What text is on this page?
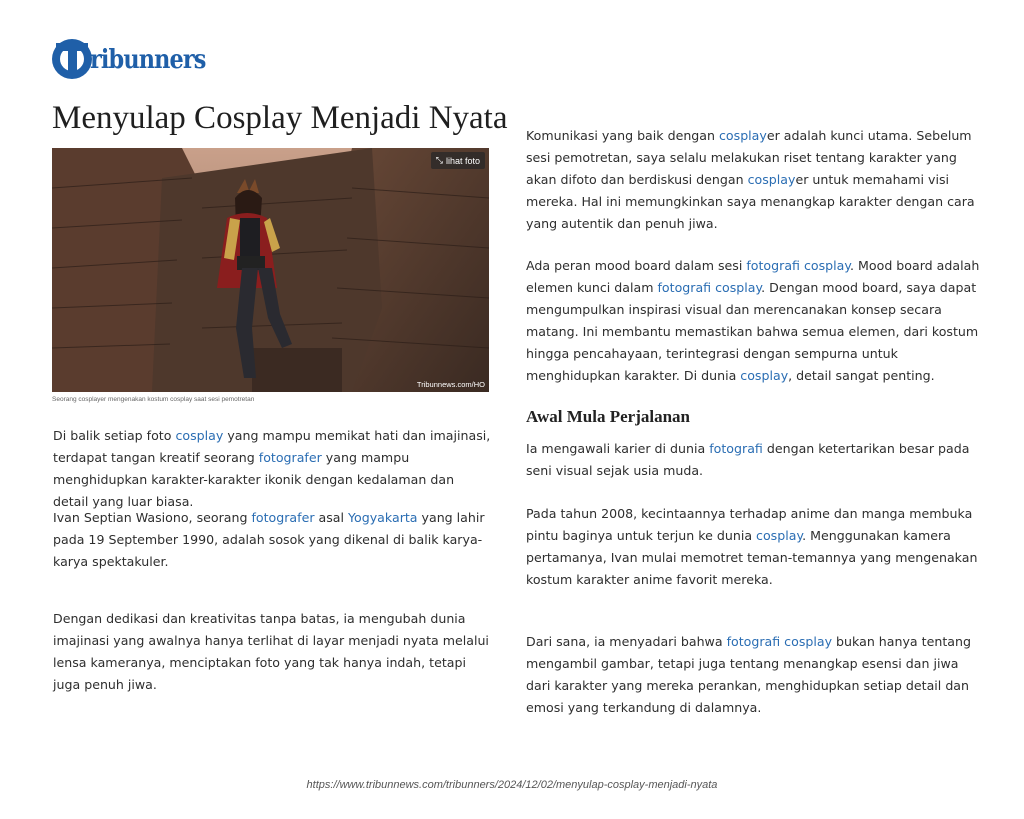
ribunners
Menyulap Cosplay Menjadi Nyata
⤡ lihat foto
Tribunnews.com/HO
Seorang cosplayer mengenakan kostum cosplay saat sesi pemotretan

Di balik setiap foto cosplay yang mampu memikat hati dan imajinasi, terdapat tangan kreatif seorang fotografer yang mampu menghidupkan karakter-karakter ikonik dengan kedalaman dan detail yang luar biasa.

Ivan Septian Wasiono, seorang fotografer asal Yogyakarta yang lahir pada 19 September 1990, adalah sosok yang dikenal di balik karya-karya spektakuler.

Dengan dedikasi dan kreativitas tanpa batas, ia mengubah dunia imajinasi yang awalnya hanya terlihat di layar menjadi nyata melalui lensa kameranya, menciptakan foto yang tak hanya indah, tetapi juga penuh jiwa.

Komunikasi yang baik dengan cosplayer adalah kunci utama. Sebelum sesi pemotretan, saya selalu melakukan riset tentang karakter yang akan difoto dan berdiskusi dengan cosplayer untuk memahami visi mereka. Hal ini memungkinkan saya menangkap karakter dengan cara yang autentik dan penuh jiwa.

Ada peran mood board dalam sesi fotografi cosplay. Mood board adalah elemen kunci dalam fotografi cosplay. Dengan mood board, saya dapat mengumpulkan inspirasi visual dan merencanakan konsep secara matang. Ini membantu memastikan bahwa semua elemen, dari kostum hingga pencahayaan, terintegrasi dengan sempurna untuk menghidupkan karakter. Di dunia cosplay, detail sangat penting.

Awal Mula Perjalanan

Ia mengawali karier di dunia fotografi dengan ketertarikan besar pada seni visual sejak usia muda.

Pada tahun 2008, kecintaannya terhadap anime dan manga membuka pintu baginya untuk terjun ke dunia cosplay. Menggunakan kamera pertamanya, Ivan mulai memotret teman-temannya yang mengenakan kostum karakter anime favorit mereka.

Dari sana, ia menyadari bahwa fotografi cosplay bukan hanya tentang mengambil gambar, tetapi juga tentang menangkap esensi dan jiwa dari karakter yang mereka perankan, menghidupkan setiap detail dan emosi yang terkandung di dalamnya.

https://www.tribunnews.com/tribunners/2024/12/02/menyulap-cosplay-menjadi-nyata
